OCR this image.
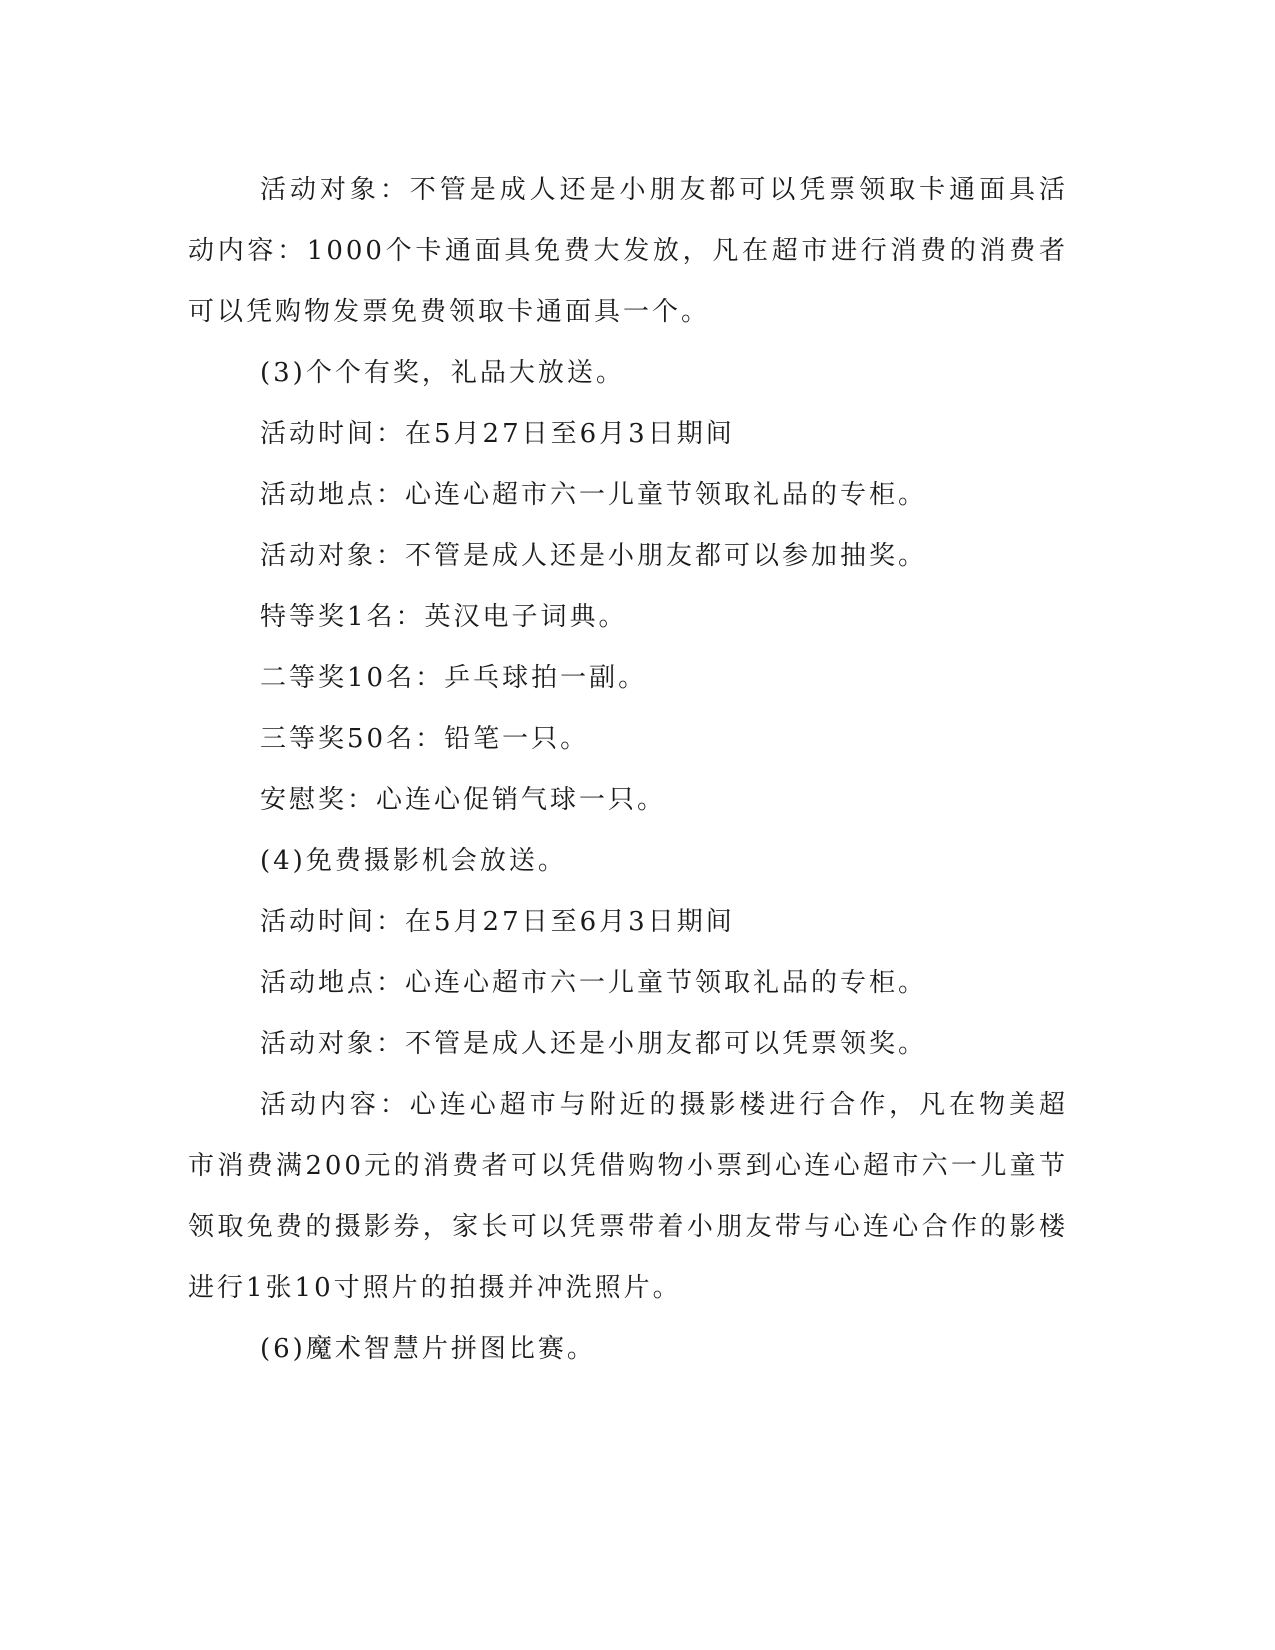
活动对象：不管是成人还是小朋友都可以凭票领取卡通面具活动内容：1000个卡通面具免费大发放，凡在超市进行消费的消费者可以凭购物发票免费领取卡通面具一个。

(3)个个有奖，礼品大放送。

活动时间：在5月27日至6月3日期间

活动地点：心连心超市六一儿童节领取礼品的专柜。

活动对象：不管是成人还是小朋友都可以参加抽奖。

特等奖1名：英汉电子词典。

二等奖10名：乒乓球拍一副。

三等奖50名：铅笔一只。

安慰奖：心连心促销气球一只。

(4)免费摄影机会放送。

活动时间：在5月27日至6月3日期间

活动地点：心连心超市六一儿童节领取礼品的专柜。

活动对象：不管是成人还是小朋友都可以凭票领奖。

活动内容：心连心超市与附近的摄影楼进行合作，凡在物美超市消费满200元的消费者可以凭借购物小票到心连心超市六一儿童节领取免费的摄影券，家长可以凭票带着小朋友带与心连心合作的影楼进行1张10寸照片的拍摄并冲洗照片。

(6)魔术智慧片拼图比赛。
